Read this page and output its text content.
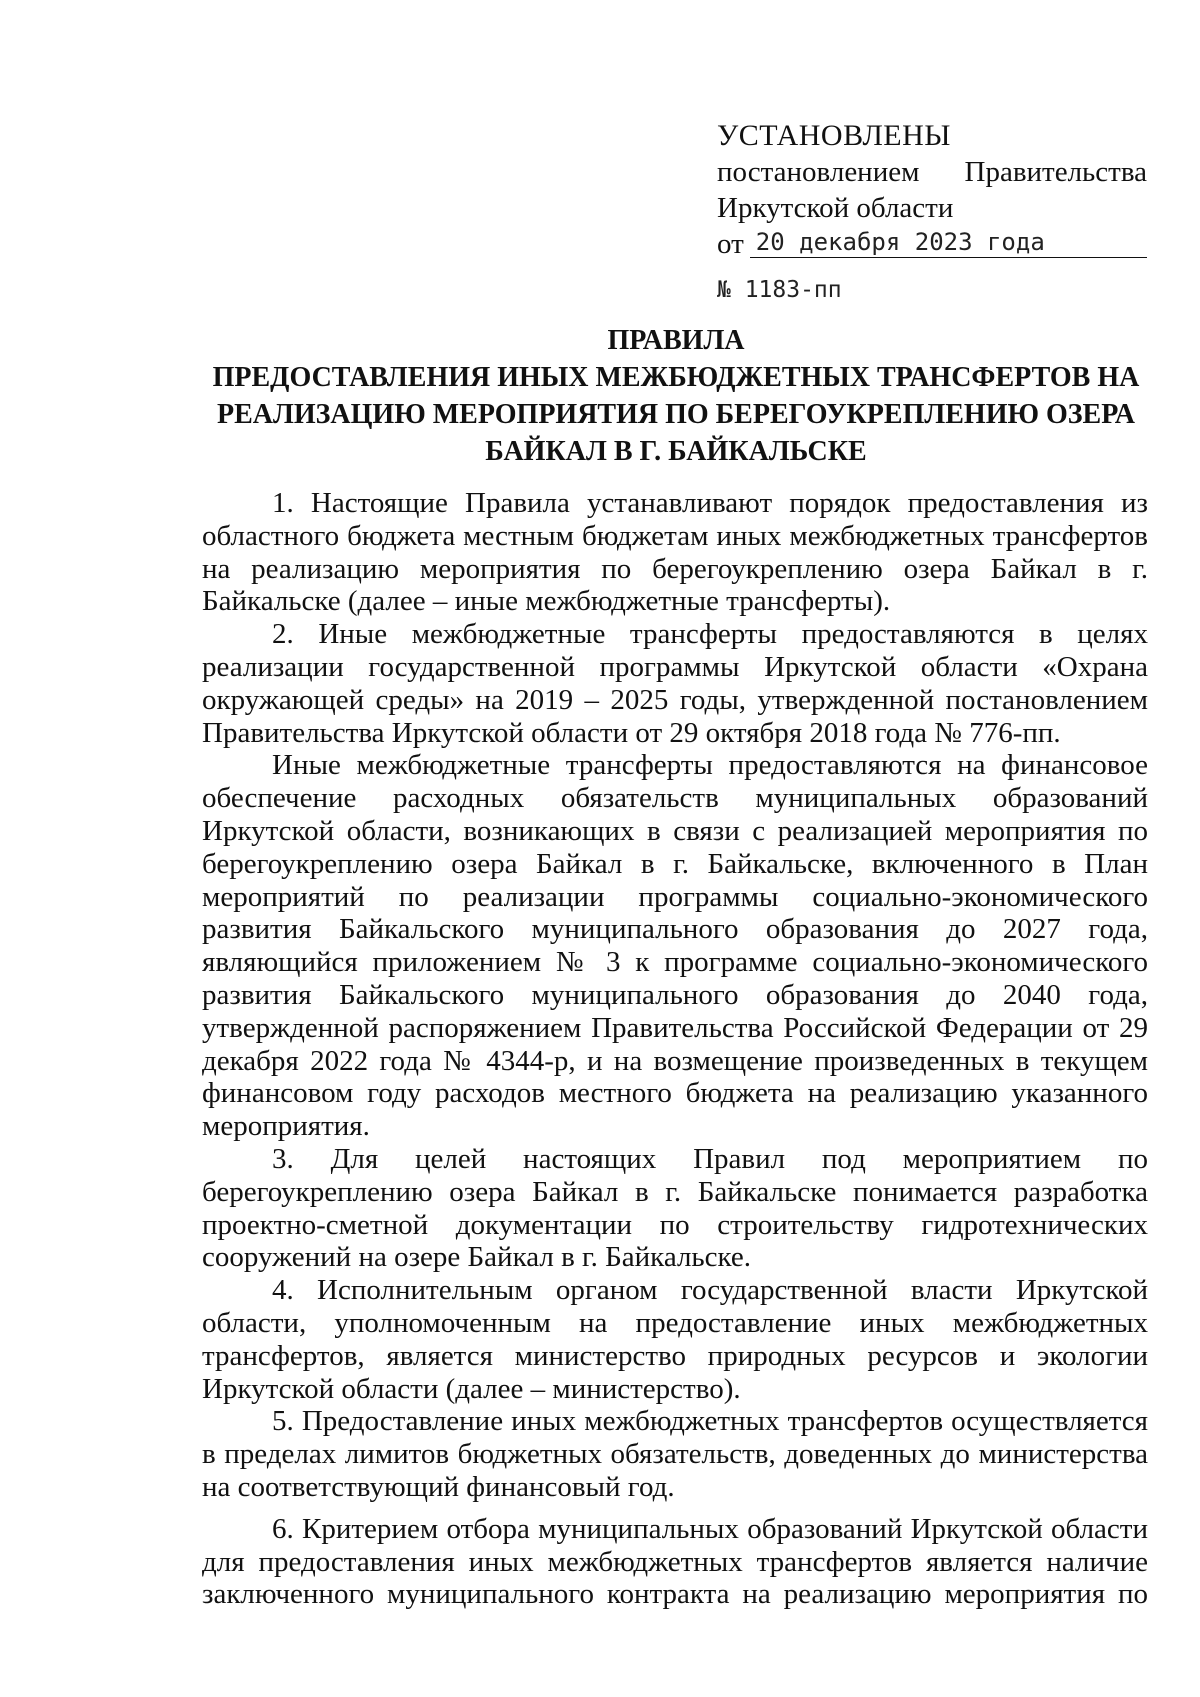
УСТАНОВЛЕНЫ
постановлением Правительства
Иркутской области
от 20 декабря 2023 года
№ 1183-пп
ПРАВИЛА
ПРЕДОСТАВЛЕНИЯ ИНЫХ МЕЖБЮДЖЕТНЫХ ТРАНСФЕРТОВ НА
РЕАЛИЗАЦИЮ МЕРОПРИЯТИЯ ПО БЕРЕГОУКРЕПЛЕНИЮ ОЗЕРА
БАЙКАЛ В Г. БАЙКАЛЬСКЕ

1. Настоящие Правила устанавливают порядок предоставления из областного бюджета местным бюджетам иных межбюджетных трансфертов на реализацию мероприятия по берегоукреплению озера Байкал в г. Байкальске (далее – иные межбюджетные трансферты).

2. Иные межбюджетные трансферты предоставляются в целях реализации государственной программы Иркутской области «Охрана окружающей среды» на 2019 – 2025 годы, утвержденной постановлением Правительства Иркутской области от 29 октября 2018 года № 776-пп.

Иные межбюджетные трансферты предоставляются на финансовое обеспечение расходных обязательств муниципальных образований Иркутской области, возникающих в связи с реализацией мероприятия по берегоукреплению озера Байкал в г. Байкальске, включенного в План мероприятий по реализации программы социально-экономического развития Байкальского муниципального образования до 2027 года, являющийся приложением № 3 к программе социально-экономического развития Байкальского муниципального образования до 2040 года, утвержденной распоряжением Правительства Российской Федерации от 29 декабря 2022 года № 4344-р, и на возмещение произведенных в текущем финансовом году расходов местного бюджета на реализацию указанного мероприятия.

3. Для целей настоящих Правил под мероприятием по берегоукреплению озера Байкал в г. Байкальске понимается разработка проектно-сметной документации по строительству гидротехнических сооружений на озере Байкал в г. Байкальске.

4. Исполнительным органом государственной власти Иркутской области, уполномоченным на предоставление иных межбюджетных трансфертов, является министерство природных ресурсов и экологии Иркутской области (далее – министерство).

5. Предоставление иных межбюджетных трансфертов осуществляется в пределах лимитов бюджетных обязательств, доведенных до министерства на соответствующий финансовый год.

6. Критерием отбора муниципальных образований Иркутской области для предоставления иных межбюджетных трансфертов является наличие заключенного муниципального контракта на реализацию мероприятия по
